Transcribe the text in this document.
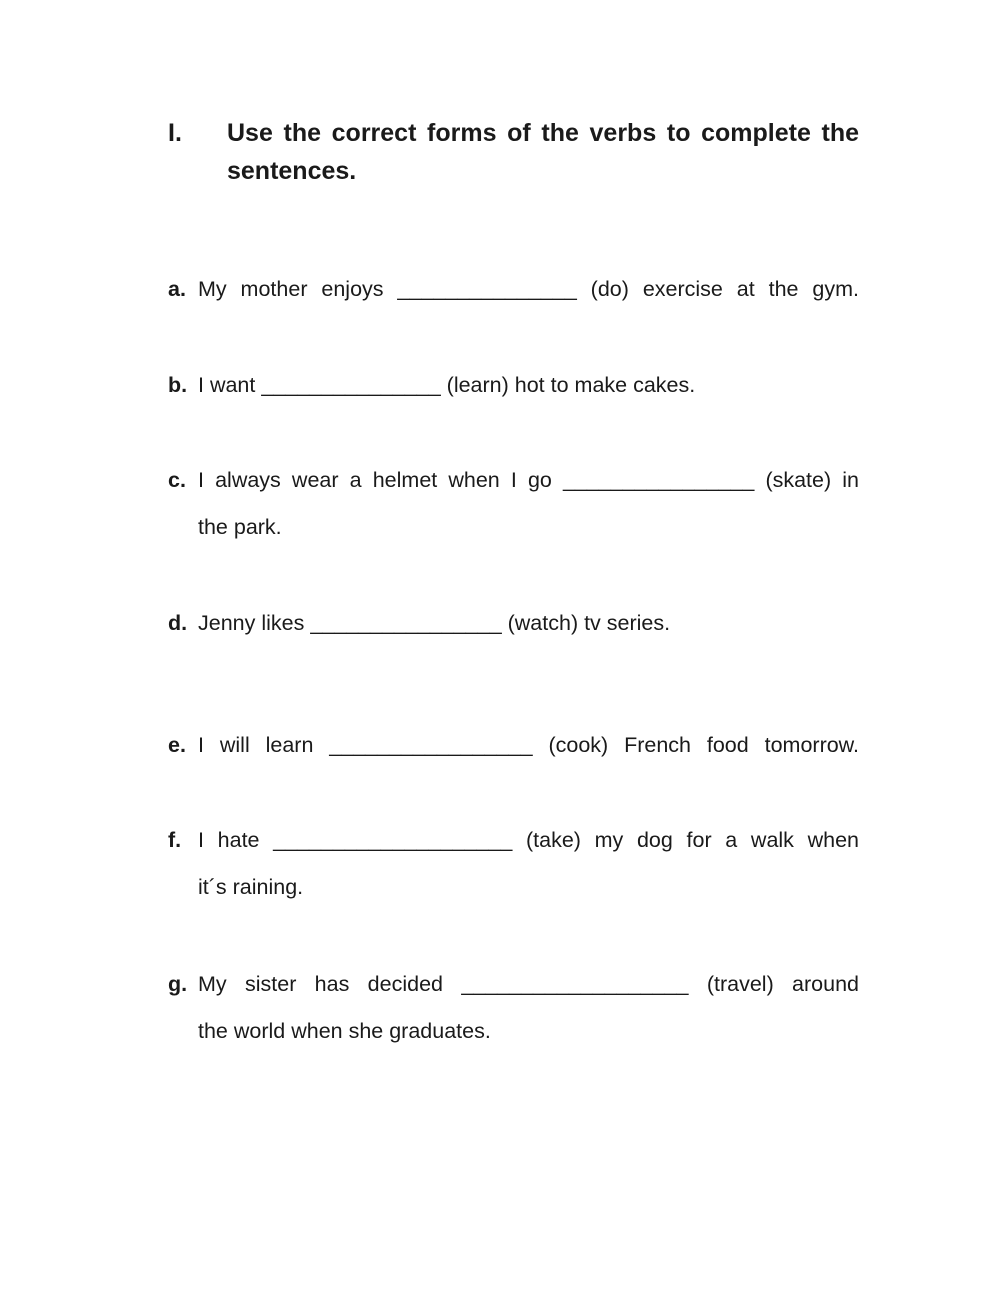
I. Use the correct forms of the verbs to complete the sentences.
a. My mother enjoys _______________ (do) exercise at the gym.
b. I want _______________ (learn) hot to make cakes.
c. I always wear a helmet when I go ________________ (skate) in
the park.
d. Jenny likes ________________ (watch) tv series.
e. I will learn _________________ (cook) French food tomorrow.
f. I hate ____________________ (take) my dog for a walk when
it´s raining.
g. My sister has decided ___________________ (travel) around
the world when she graduates.
